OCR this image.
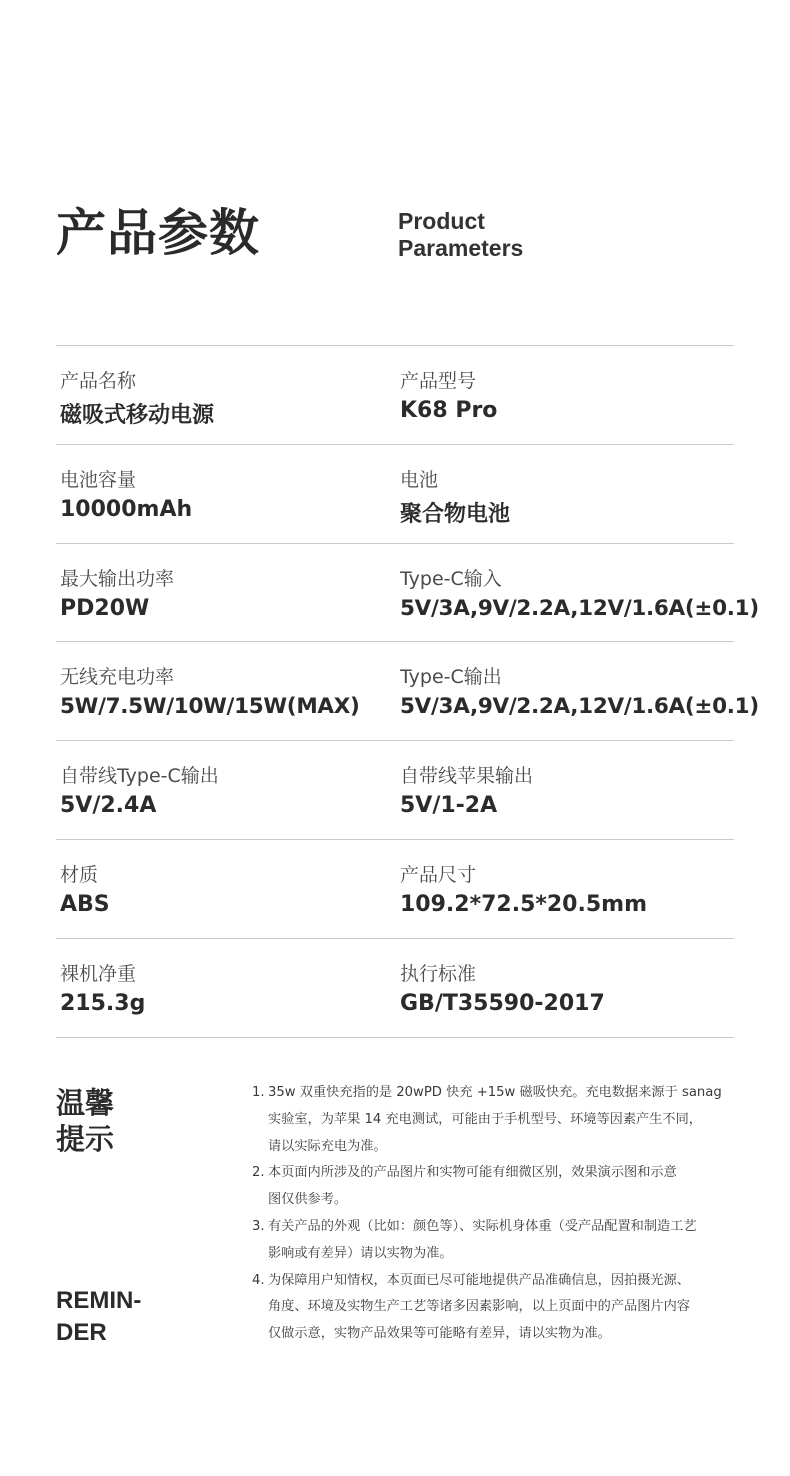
产品参数	Product
Parameters
产品名称
磁吸式移动电源
产品型号
K68 Pro
电池容量
10000mAh
电池
聚合物电池
最大输出功率
PD20W
Type-C输入
5V/3A,9V/2.2A,12V/1.6A(±0.1)
无线充电功率
5W/7.5W/10W/15W(MAX)
Type-C输出
5V/3A,9V/2.2A,12V/1.6A(±0.1)
自带线Type-C输出
5V/2.4A
自带线苹果输出
5V/1-2A
材质
ABS
产品尺寸
109.2*72.5*20.5mm
裸机净重
215.3g
执行标准
GB/T35590-2017
温馨
提示
REMIN-
DER
1. 35w 双重快充指的是 20wPD 快充 +15w 磁吸快充。充电数据来源于 sanag
实验室，为苹果 14 充电测试，可能由于手机型号、环境等因素产生不同，
请以实际充电为准。
2. 本页面内所涉及的产品图片和实物可能有细微区别，效果演示图和示意
图仅供参考。
3. 有关产品的外观（比如：颜色等）、实际机身体重（受产品配置和制造工艺
影响或有差异）请以实物为准。
4. 为保障用户知情权，本页面已尽可能地提供产品准确信息，因拍摄光源、
角度、环境及实物生产工艺等诸多因素影响，以上页面中的产品图片内容
仅做示意，实物产品效果等可能略有差异，请以实物为准。
